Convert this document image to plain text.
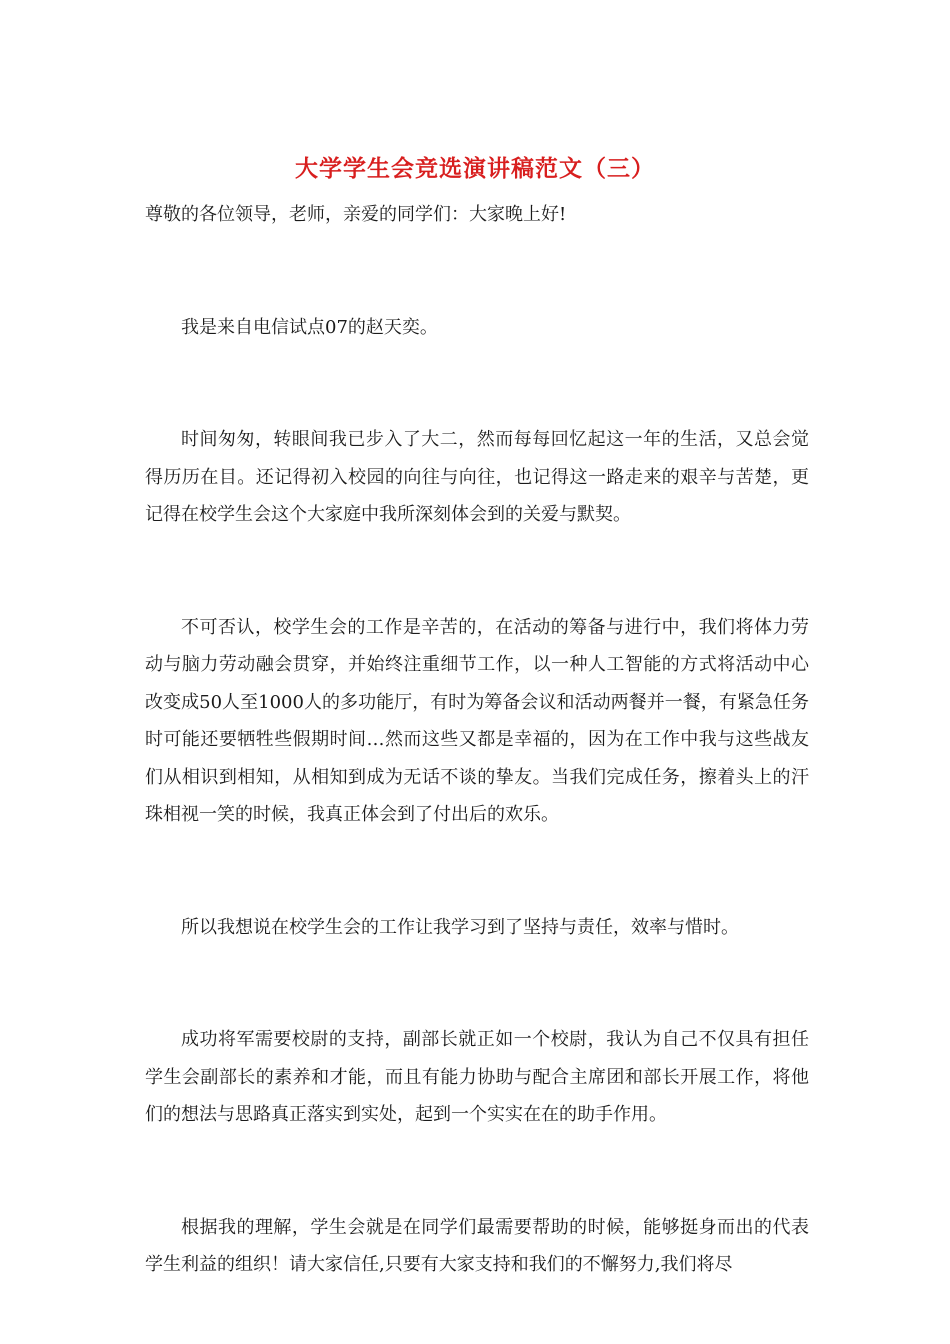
大学学生会竞选演讲稿范文（三）

尊敬的各位领导，老师，亲爱的同学们：大家晚上好!

我是来自电信试点07的赵天奕。

时间匆匆，转眼间我已步入了大二，然而每每回忆起这一年的生活，又总会觉得历历在目。还记得初入校园的向往与向往，也记得这一路走来的艰辛与苦楚，更记得在校学生会这个大家庭中我所深刻体会到的关爱与默契。

不可否认，校学生会的工作是辛苦的，在活动的筹备与进行中，我们将体力劳动与脑力劳动融会贯穿，并始终注重细节工作，以一种人工智能的方式将活动中心改变成50人至1000人的多功能厅，有时为筹备会议和活动两餐并一餐，有紧急任务时可能还要牺牲些假期时间…然而这些又都是幸福的，因为在工作中我与这些战友们从相识到相知，从相知到成为无话不谈的挚友。当我们完成任务，擦着头上的汗珠相视一笑的时候，我真正体会到了付出后的欢乐。

所以我想说在校学生会的工作让我学习到了坚持与责任，效率与惜时。

成功将军需要校尉的支持，副部长就正如一个校尉，我认为自己不仅具有担任学生会副部长的素养和才能，而且有能力协助与配合主席团和部长开展工作，将他们的想法与思路真正落实到实处，起到一个实实在在的助手作用。

根据我的理解，学生会就是在同学们最需要帮助的时候，能够挺身而出的代表学生利益的组织！请大家信任,只要有大家支持和我们的不懈努力,我们将尽
